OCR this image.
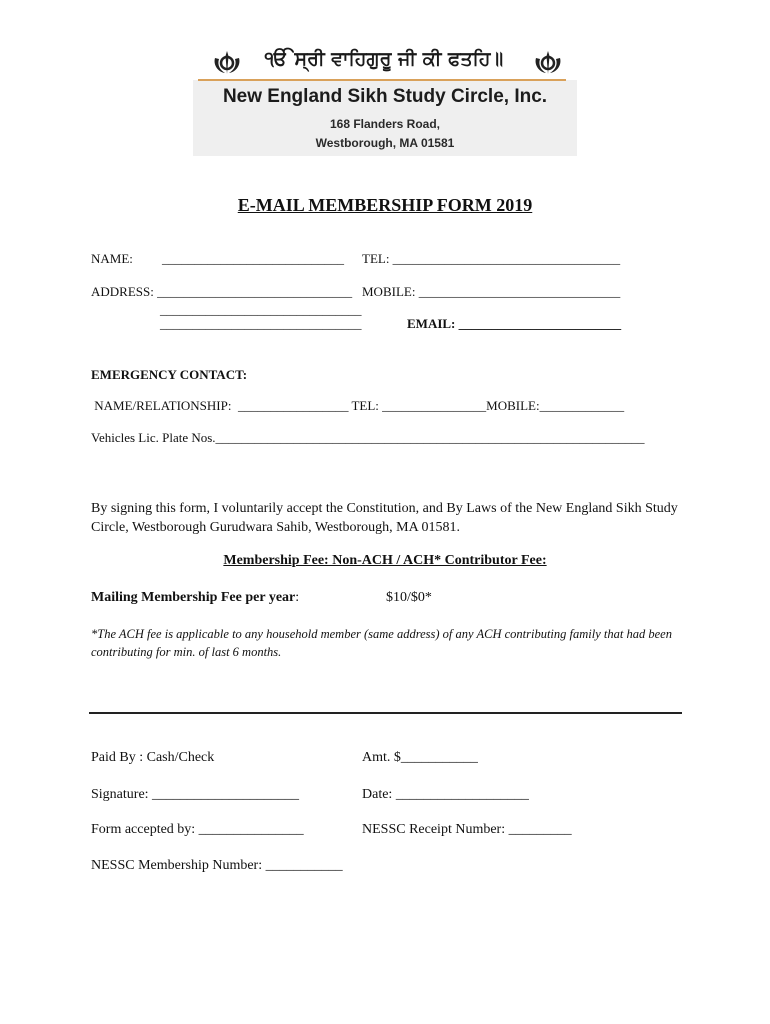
ੴ ਸ੍ਰੀ ਵਾਹਿਗੁਰੂ ਜੀ ਕੀ ਫਤਹਿ॥
New England Sikh Study Circle, Inc.
168 Flanders Road,
Westborough, MA 01581
E-MAIL MEMBERSHIP FORM 2019
NAME: ____________________________ TEL: ___________________________________
ADDRESS: ______________________________ MOBILE: _______________________________
_______________________________
_______________________________	EMAIL: _________________________
EMERGENCY CONTACT:
NAME/RELATIONSHIP:  _________________ TEL: ________________MOBILE:_____________
Vehicles Lic. Plate Nos.__________________________________________________________________
By signing this form, I voluntarily accept the Constitution, and By Laws of the New England Sikh Study Circle, Westborough Gurudwara Sahib, Westborough, MA 01581.
Membership Fee: Non-ACH / ACH* Contributor Fee:
Mailing Membership Fee per year:	$10/$0*
*The ACH fee is applicable to any household member (same address) of any ACH contributing family that had been contributing for min. of last 6 months.
Paid By : Cash/Check	Amt. $___________
Signature: _____________________	Date: ___________________
Form accepted by: _______________	NESSC Receipt Number: _________
NESSC Membership Number: ___________
